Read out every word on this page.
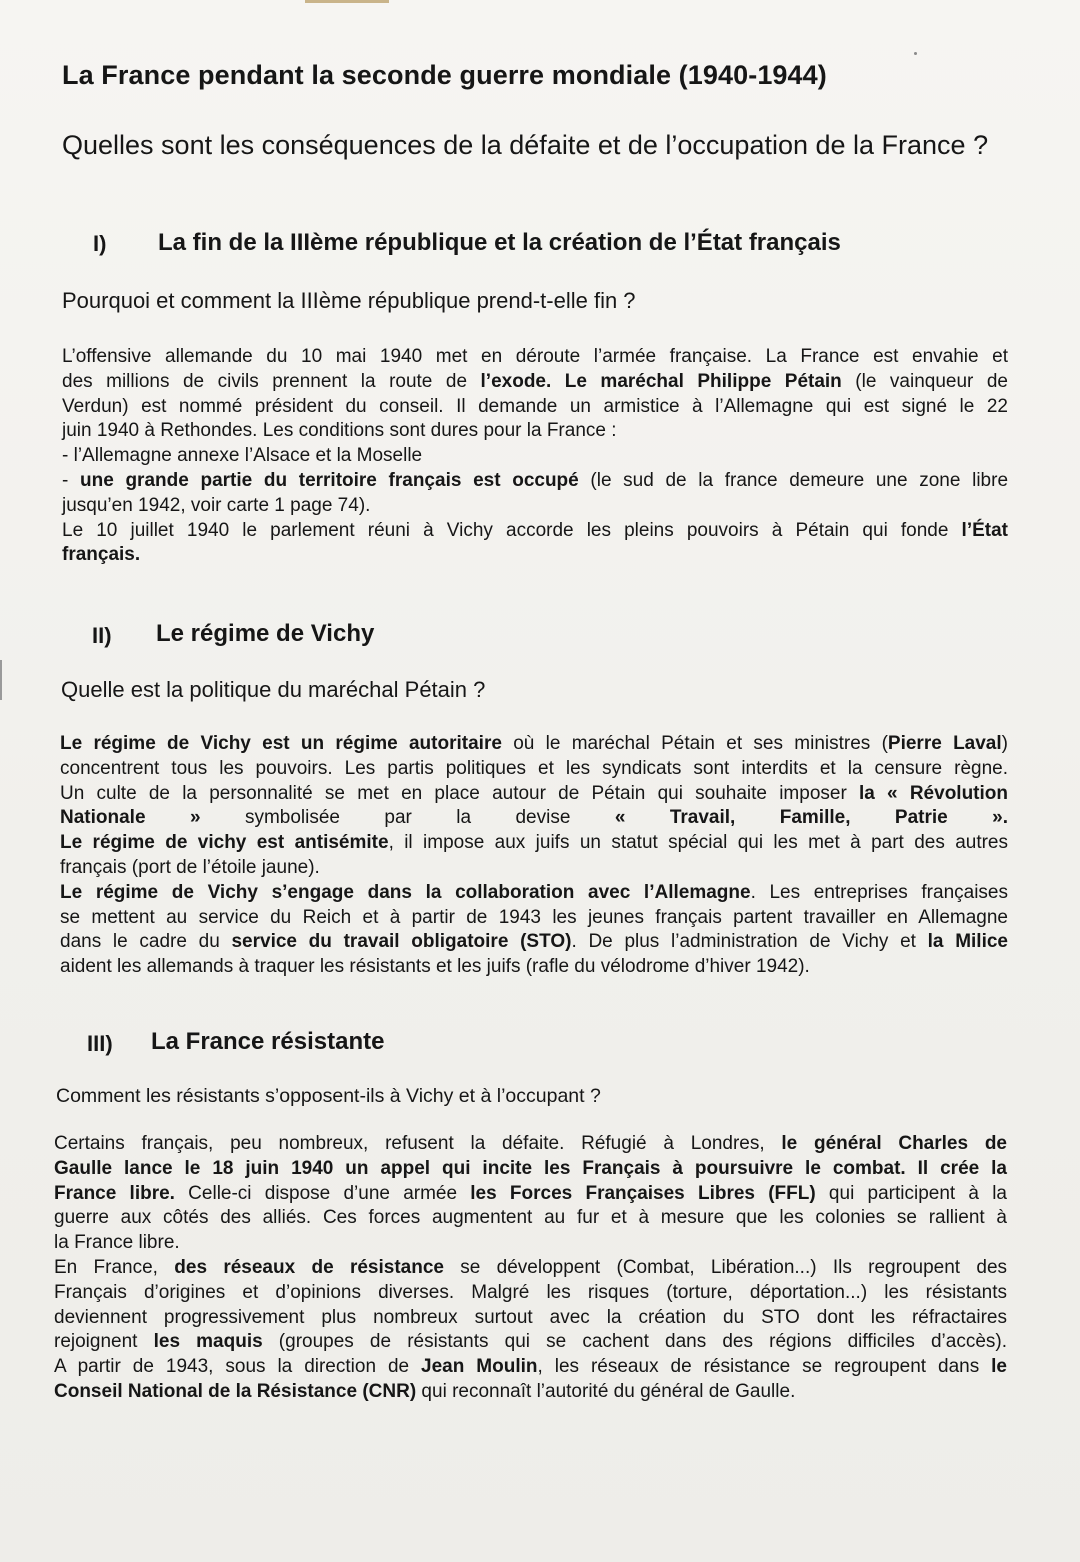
La France pendant la seconde guerre mondiale (1940-1944)
Quelles sont les conséquences de la défaite et de l’occupation de la France ?
I) La fin de la IIIème république et la création de l’État français
Pourquoi et comment la IIIème république prend-t-elle fin ?

L’offensive allemande du 10 mai 1940 met en déroute l’armée française. La France est envahie et

des millions de civils prennent la route de l’exode. Le maréchal Philippe Pétain (le vainqueur de

Verdun) est nommé président du conseil. Il demande un armistice à l’Allemagne qui est signé le 22

juin 1940 à Rethondes. Les conditions sont dures pour la France :

- l’Allemagne annexe l’Alsace et la Moselle

- une grande partie du territoire français est occupé (le sud de la france demeure une zone libre

jusqu’en 1942, voir carte 1 page 74).

Le 10 juillet 1940 le parlement réuni à Vichy accorde les pleins pouvoirs à Pétain qui fonde l’État

français.

II) Le régime de Vichy
Quelle est la politique du maréchal Pétain ?

Le régime de Vichy est un régime autoritaire où le maréchal Pétain et ses ministres (Pierre Laval)

concentrent tous les pouvoirs. Les partis politiques et les syndicats sont interdits et la censure règne.

Un culte de la personnalité se met en place autour de Pétain qui souhaite imposer la « Révolution

Nationale » symbolisée par la devise « Travail, Famille, Patrie ».

Le régime de vichy est antisémite, il impose aux juifs un statut spécial qui les met à part des autres

français (port de l’étoile jaune).

Le régime de Vichy s’engage dans la collaboration avec l’Allemagne. Les entreprises françaises

se mettent au service du Reich et à partir de 1943 les jeunes français partent travailler en Allemagne

dans le cadre du service du travail obligatoire (STO). De plus l’administration de Vichy et la Milice

aident les allemands à traquer les résistants et les juifs (rafle du vélodrome d’hiver 1942).

III) La France résistante
Comment les résistants s’opposent-ils à Vichy et à l’occupant ?

Certains français, peu nombreux, refusent la défaite. Réfugié à Londres, le général Charles de

Gaulle lance le 18 juin 1940 un appel qui incite les Français à poursuivre le combat. Il crée la

France libre. Celle-ci dispose d’une armée les Forces Françaises Libres (FFL) qui participent à la

guerre aux côtés des alliés. Ces forces augmentent au fur et à mesure que les colonies se rallient à

la France libre.

En France, des réseaux de résistance se développent (Combat, Libération...) Ils regroupent des

Français d’origines et d’opinions diverses. Malgré les risques (torture, déportation...) les résistants

deviennent progressivement plus nombreux surtout avec la création du STO dont les réfractaires

rejoignent les maquis (groupes de résistants qui se cachent dans des régions difficiles d’accès).

A partir de 1943, sous la direction de Jean Moulin, les réseaux de résistance se regroupent dans le

Conseil National de la Résistance (CNR) qui reconnaît l’autorité du général de Gaulle.
